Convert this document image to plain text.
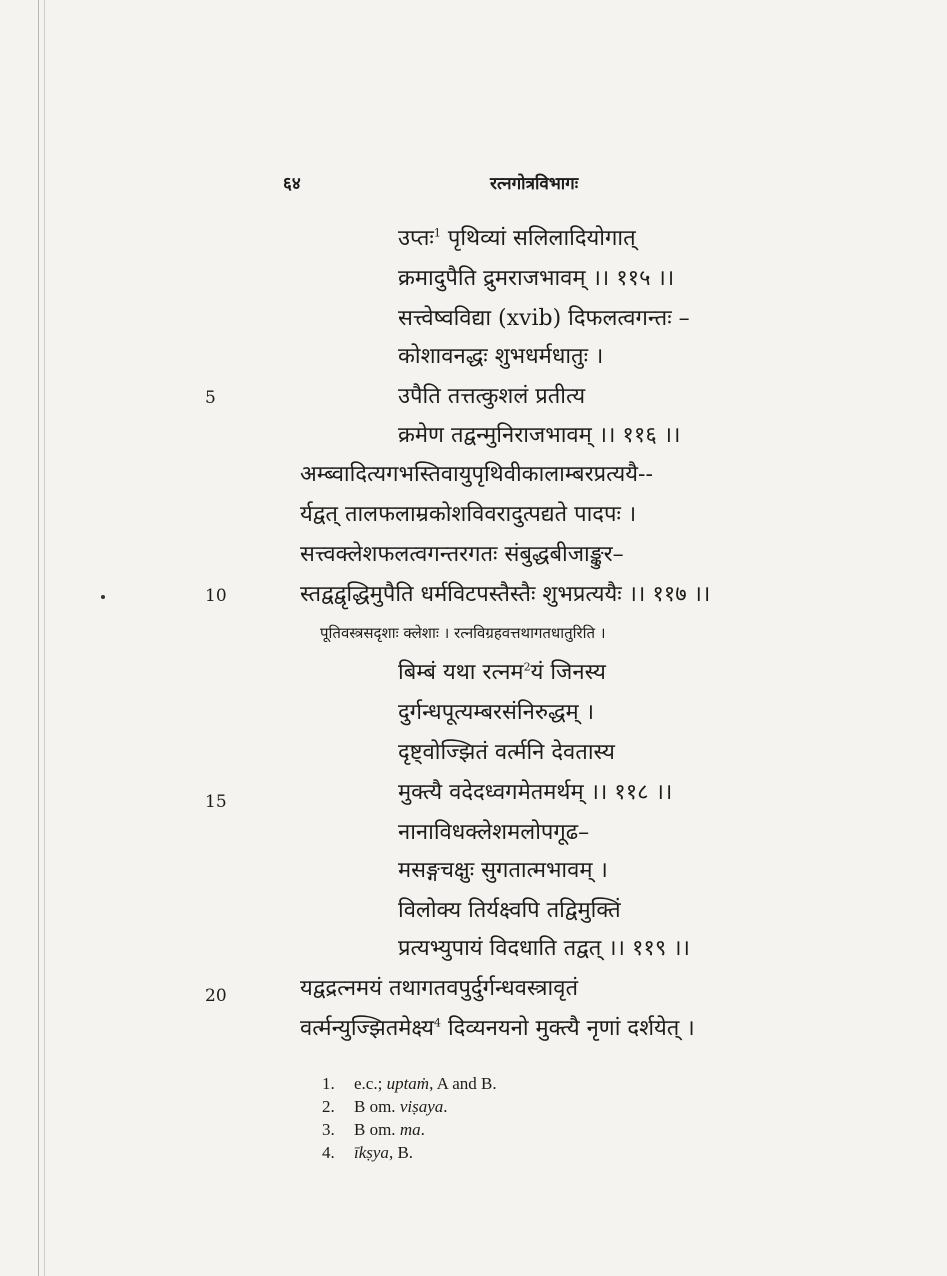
६४	रत्नगोत्रविभागः
उप्तः$^1$ पृथिव्यां सलिलादियोगात्
क्रमादुपैति द्रुमराजभावम् ।। ११५ ।।
सत्त्वेष्वविद्या (xvib) दिफलत्वगन्तः –
कोशावनद्धः शुभधर्मधातुः ।
उपैति तत्तत्कुशलं प्रतीत्य
क्रमेण तद्वन्मुनिराजभावम् ।। ११६ ।।
अम्ब्वादित्यगभस्तिवायुपृथिवीकालाम्बरप्रत्ययै--
र्यद्वत् तालफलाम्रकोशविवरादुत्पद्यते पादपः ।
सत्त्वक्लेशफलत्वगन्तरगतः संबुद्धबीजाङ्कुर–
स्तद्वद्वृद्धिमुपैति धर्मविटपस्तैस्तैः शुभप्रत्ययैः ।। ११७ ।।
पूतिवस्त्रसदृशाः क्लेशाः । रत्नविग्रहवत्तथागतधातुरिति ।
बिम्बं यथा रत्नम$^2$यं जिनस्य
दुर्गन्धपूत्यम्बरसंनिरुद्धम् ।
दृष्ट्वोज्झितं वर्त्मनि देवतास्य
मुक्त्यै वदेदध्वगमेतमर्थम् ।। ११८ ।।
नानाविधक्लेशमलोपगूढ–
मसङ्गचक्षुः सुगतात्मभावम् ।
विलोक्य तिर्यक्ष्वपि तद्विमुक्तिं
प्रत्यभ्युपायं विदधाति तद्वत् ।। ११९ ।।
यद्वद्रत्नमयं तथागतवपुर्दुर्गन्धवस्त्रावृतं
वर्त्मन्युज्झितमेक्ष्य$^4$ दिव्यनयनो मुक्त्यै नृणां दर्शयेत् ।
5
10
15
20
1. e.c.; uptaṁ, A and B.
2. B om. viṣaya.
3. B om. ma.
4. īkṣya, B.
